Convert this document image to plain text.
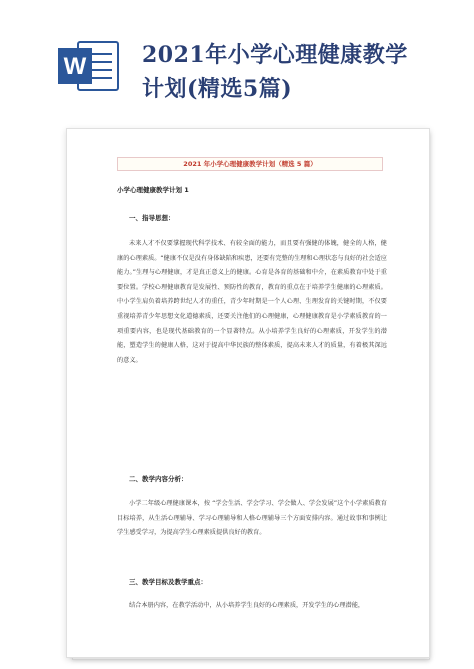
W	2021年小学心理健康教学
计划(精选5篇)
2021 年小学心理健康教学计划（精选 5 篇）
小学心理健康教学计划 1
一、指导思想：
未来人才不仅要掌握现代科学技术、有较全面的能力，而且要有强健的体魄，健全的人格，健康的心理素质。“健康不仅是没有身体缺陷和疾患，还要有完整的生理和心理状态与良好的社会适应能力。”生理与心理健康，才是真正意义上的健康。心育是各育的基础和中介，在素质教育中处于重要位置。学校心理健康教育是发展性、预防性的教育，教育的重点在于培养学生健康的心理素质。中小学生肩负着培养跨世纪人才的重任，青少年时期是一个人心理、生理发育的关键时期，不仅要重视培养青少年思想文化道德素质，还要关注他们的心理健康，心理健康教育是小学素质教育的一项重要内容，也是现代基础教育的一个显著特点。从小培养学生良好的心理素质，开发学生的潜能，塑造学生的健康人格，这对于提高中华民族的整体素质，提高未来人才的质量，有着极其深远的意义。
二、教学内容分析：
小学二年级心理健康课本，按 “学会生活、学会学习、学会做人、学会发展”这个小学素质教育目标培养，从生活心理辅导、学习心理辅导和人格心理辅导三个方面安排内容。通过故事和事例让学生感受学习，为提高学生心理素质提供良好的教育。
三、教学目标及教学重点：
结合本册内容，在教学活动中，从小培养学生良好的心理素质，开发学生的心理潜能，
